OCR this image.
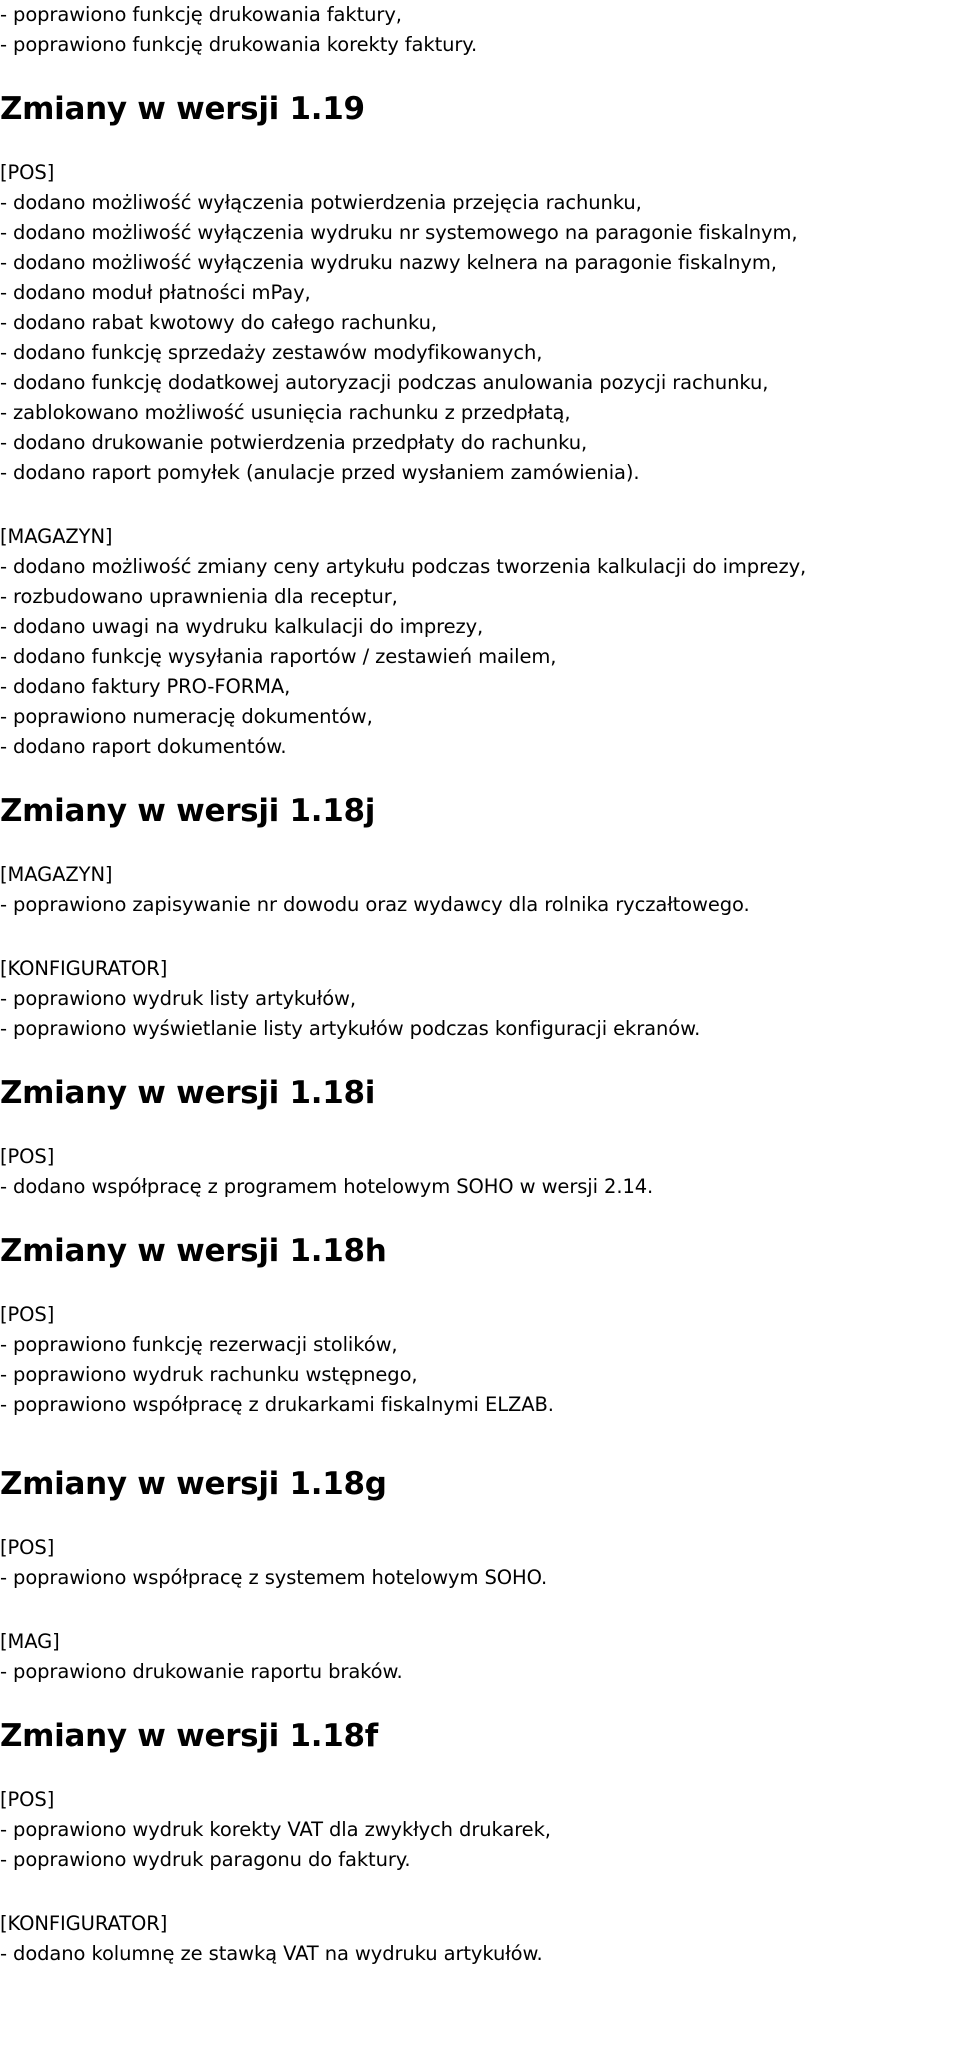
- poprawiono funkcję drukowania faktury,
- poprawiono funkcję drukowania korekty faktury.
Zmiany w wersji 1.19
[POS]
- dodano możliwość wyłączenia potwierdzenia przejęcia rachunku,
- dodano możliwość wyłączenia wydruku nr systemowego na paragonie fiskalnym,
- dodano możliwość wyłączenia wydruku nazwy kelnera na paragonie fiskalnym,
- dodano moduł płatności mPay,
- dodano rabat kwotowy do całego rachunku,
- dodano funkcję sprzedaży zestawów modyfikowanych,
- dodano funkcję dodatkowej autoryzacji podczas anulowania pozycji rachunku,
- zablokowano możliwość usunięcia rachunku z przedpłatą,
- dodano drukowanie potwierdzenia przedpłaty do rachunku,
- dodano raport pomyłek (anulacje przed wysłaniem zamówienia).
[MAGAZYN]
- dodano możliwość zmiany ceny artykułu podczas tworzenia kalkulacji do imprezy,
- rozbudowano uprawnienia dla receptur,
- dodano uwagi na wydruku kalkulacji do imprezy,
- dodano funkcję wysyłania raportów / zestawień mailem,
- dodano faktury PRO-FORMA,
- poprawiono numerację dokumentów,
- dodano raport dokumentów.
Zmiany w wersji 1.18j
[MAGAZYN]
- poprawiono zapisywanie nr dowodu oraz wydawcy dla rolnika ryczałtowego.
[KONFIGURATOR]
- poprawiono wydruk listy artykułów,
- poprawiono wyświetlanie listy artykułów podczas konfiguracji ekranów.
Zmiany w wersji 1.18i
[POS]
- dodano współpracę z programem hotelowym SOHO w wersji 2.14.
Zmiany w wersji 1.18h
[POS]
- poprawiono funkcję rezerwacji stolików,
- poprawiono wydruk rachunku wstępnego,
- poprawiono współpracę z drukarkami fiskalnymi ELZAB.
Zmiany w wersji 1.18g
[POS]
- poprawiono współpracę z systemem hotelowym SOHO.
[MAG]
- poprawiono drukowanie raportu braków.
Zmiany w wersji 1.18f
[POS]
- poprawiono wydruk korekty VAT dla zwykłych drukarek,
- poprawiono wydruk paragonu do faktury.
[KONFIGURATOR]
- dodano kolumnę ze stawką VAT na wydruku artykułów.
